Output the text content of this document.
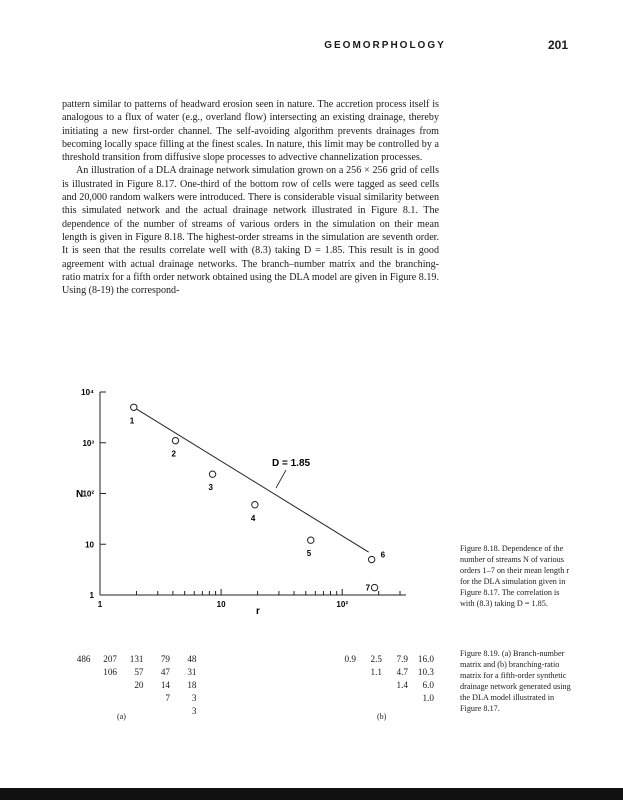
GEOMORPHOLOGY	201

pattern similar to patterns of headward erosion seen in nature. The accretion process itself is analogous to a flux of water (e.g., overland flow) intersecting an existing drainage, thereby initiating a new first-order channel. The self-avoiding algorithm prevents drainages from becoming locally space filling at the finest scales. In nature, this limit may be controlled by a threshold transition from diffusive slope processes to advective channelization processes.

An illustration of a DLA drainage network simulation grown on a 256 × 256 grid of cells is illustrated in Figure 8.17. One-third of the bottom row of cells were tagged as seed cells and 20,000 random walkers were introduced. There is considerable visual similarity between this simulated network and the actual drainage network illustrated in Figure 8.1. The dependence of the number of streams of various orders in the simulation on their mean length is given in Figure 8.18. The highest-order streams in the simulation are seventh order. It is seen that the results correlate well with (8.3) taking D = 1.85. This result is in good agreement with actual drainage networks. The branch–number matrix and the branching-ratio matrix for a fifth order network obtained using the DLA model are given in Figure 8.19. Using (8-19) the correspond-

1
10
10²
10³
10⁴
1	10	10²
1
2
3
4
5	6
7
N
r
D = 1.85
Figure 8.18. Dependence of the number of streams N of various orders 1–7 on their mean length r for the DLA simulation given in Figure 8.17. The correlation is with (8.3) taking D = 1.85.
486	207	131	79	48
	106	57	47	31
		20	14	18
			7	3
				3
0.9	2.5	7.9	16.0
	1.1	4.7	10.3
		1.4	6.0
			1.0
(a)	(b)
Figure 8.19. (a) Branch-number matrix and (b) branching-ratio matrix for a fifth-order synthetic drainage network generated using the DLA model illustrated in Figure 8.17.
